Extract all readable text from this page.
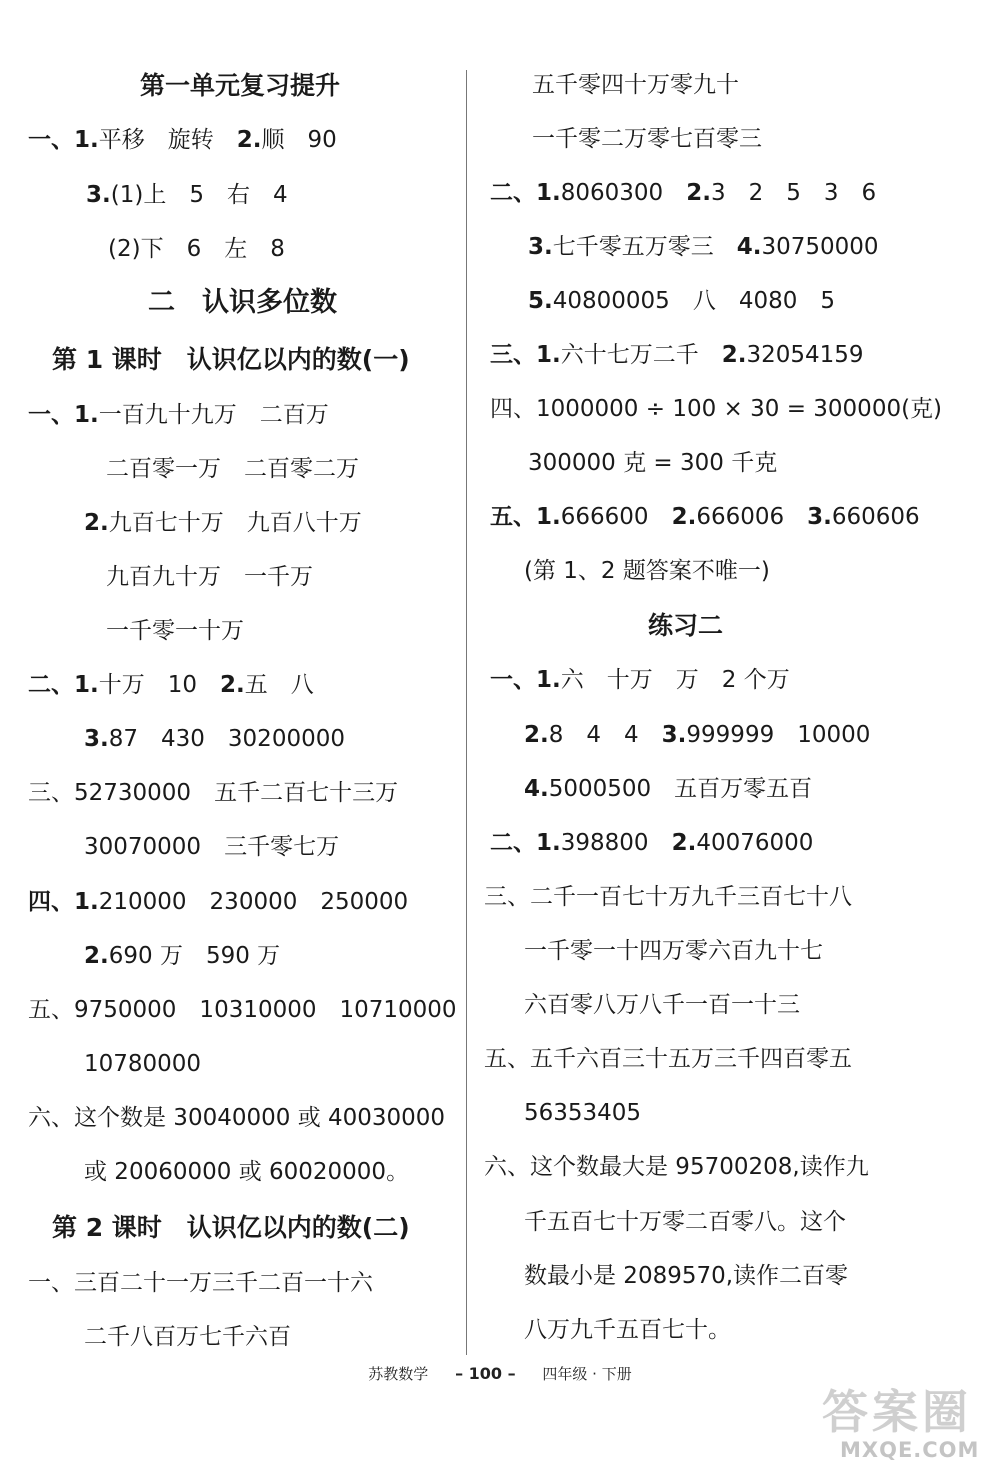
第一单元复习提升
一、1.平移　旋转　2.顺　90
3.(1)上　5　右　4
(2)下　6　左　8
二　认识多位数
第 1 课时　认识亿以内的数(一)
一、1.一百九十九万　二百万
二百零一万　二百零二万
2.九百七十万　九百八十万
九百九十万　一千万
一千零一十万
二、1.十万　10　2.五　八
3.87　430　30200000
三、52730000　五千二百七十三万
30070000　三千零七万
四、1.210000　230000　250000
2.690 万　590 万
五、9750000　10310000　10710000
10780000
六、这个数是 30040000 或 40030000
或 20060000 或 60020000。
第 2 课时　认识亿以内的数(二)
一、三百二十一万三千二百一十六
二千八百万七千六百
五千零四十万零九十
一千零二万零七百零三
二、1.8060300　2.3　2　5　3　6
3.七千零五万零三　4.30750000
5.40800005　八　4080　5
三、1.六十七万二千　2.32054159
四、1000000 ÷ 100 × 30 = 300000(克)
300000 克 = 300 千克
五、1.666600　2.666006　3.660606
(第 1、2 题答案不唯一)
练习二
一、1.六　十万　万　2 个万
2.8　4　4　3.999999　10000
4.5000500　五百万零五百
二、1.398800　2.40076000
三、二千一百七十万九千三百七十八
一千零一十四万零六百九十七
六百零八万八千一百一十三
五、五千六百三十五万三千四百零五
56353405
六、这个数最大是 95700208,读作九
千五百七十万零二百零八。这个
数最小是 2089570,读作二百零
八万九千五百七十。
苏教数学 – 100 – 四年级 · 下册
答案圈
MXQE.COM
